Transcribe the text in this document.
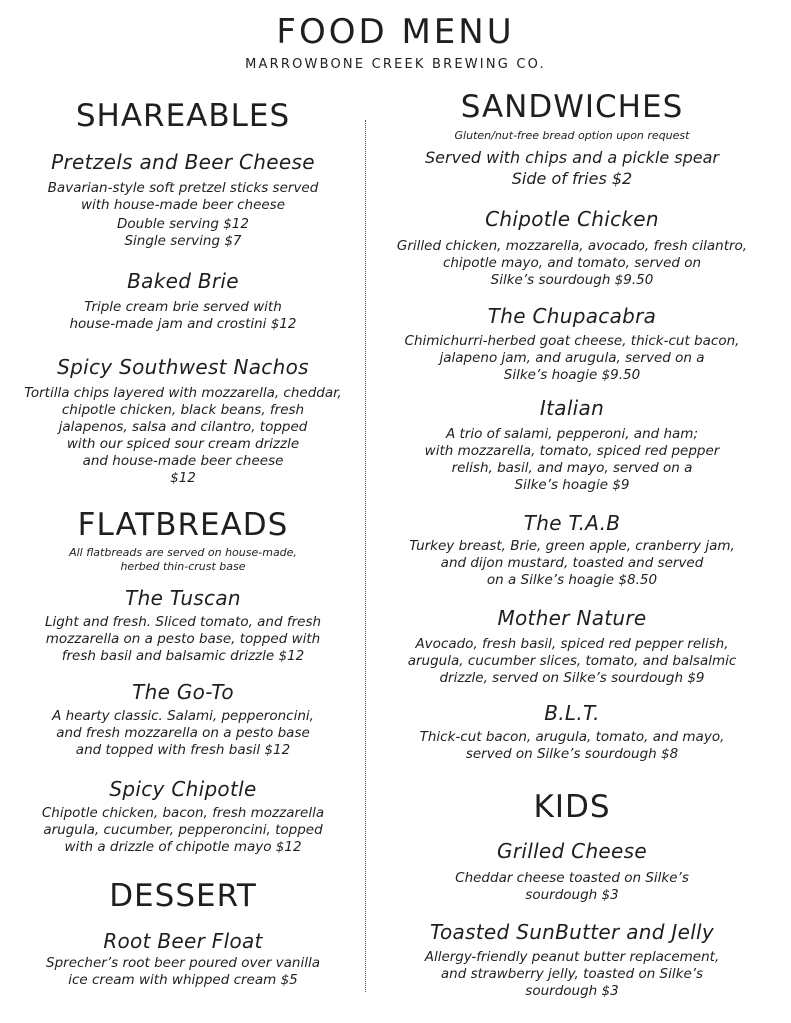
FOOD MENU
MARROWBONE CREEK BREWING CO.
SHAREABLES
Pretzels and Beer Cheese
Bavarian-style soft pretzel sticks served
with house-made beer cheese
Double serving $12
Single serving $7
Baked Brie
Triple cream brie served with
house-made jam and crostini $12
Spicy Southwest Nachos
Tortilla chips layered with mozzarella, cheddar,
chipotle chicken, black beans, fresh
jalapenos, salsa and cilantro, topped
with our spiced sour cream drizzle
and house-made beer cheese
$12
FLATBREADS
All flatbreads are served on house-made,
herbed thin-crust base
The Tuscan
Light and fresh. Sliced tomato, and fresh
mozzarella on a pesto base, topped with
fresh basil and balsamic drizzle $12
The Go-To
A hearty classic. Salami, pepperoncini,
and fresh mozzarella on a pesto base
and topped with fresh basil $12
Spicy Chipotle
Chipotle chicken, bacon, fresh mozzarella
arugula, cucumber, pepperoncini, topped
with a drizzle of chipotle mayo $12
DESSERT
Root Beer Float
Sprecher’s root beer poured over vanilla
ice cream with whipped cream $5
SANDWICHES
Gluten/nut-free bread option upon request
Served with chips and a pickle spear
Side of fries $2
Chipotle Chicken
Grilled chicken, mozzarella, avocado, fresh cilantro,
chipotle mayo, and tomato, served on
Silke’s sourdough $9.50
The Chupacabra
Chimichurri-herbed goat cheese, thick-cut bacon,
jalapeno jam, and arugula, served on a
Silke’s hoagie $9.50
Italian
A trio of salami, pepperoni, and ham;
with mozzarella, tomato, spiced red pepper
relish, basil, and mayo, served on a
Silke’s hoagie $9
The T.A.B
Turkey breast, Brie, green apple, cranberry jam,
and dijon mustard, toasted and served
on a Silke’s hoagie $8.50
Mother Nature
Avocado, fresh basil, spiced red pepper relish,
arugula, cucumber slices, tomato, and balsalmic
drizzle, served on Silke’s sourdough $9
B.L.T.
Thick-cut bacon, arugula, tomato, and mayo,
served on Silke’s sourdough $8
KIDS
Grilled Cheese
Cheddar cheese toasted on Silke’s
sourdough $3
Toasted SunButter and Jelly
Allergy-friendly peanut butter replacement,
and strawberry jelly, toasted on Silke’s
sourdough $3
